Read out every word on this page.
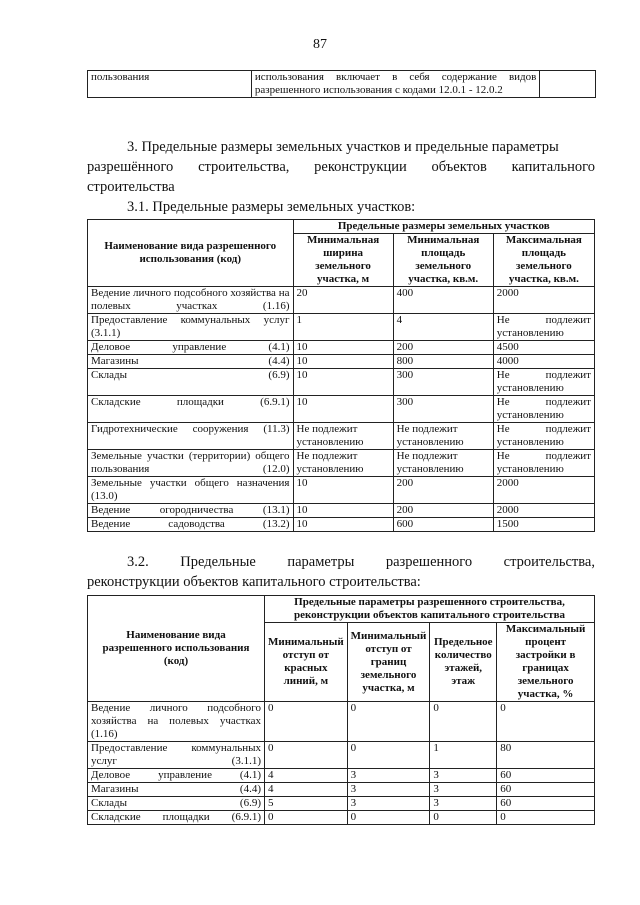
87
пользования	использования включает в себя содержание видов разрешенного использования с кодами 12.0.1 - 12.0.2	

3. Предельные размеры земельных участков и предельные параметры

разрешённого строительства, реконструкции объектов капитального

строительства

3.1. Предельные размеры земельных участков:

Наименование вида разрешенного использования (код)	Предельные размеры земельных участков		
	Минимальная ширина земельного участка, м	Минимальная площадь земельного участка, кв.м.	Максимальная площадь земельного участка, кв.м.
Ведение личного подсобного хозяйства на полевых участках (1.16)	20	400	2000
Предоставление коммунальных услуг (3.1.1)	1	4	Не подлежит установлению
Деловое управление (4.1)	10	200	4500
Магазины (4.4)	10	800	4000
Склады (6.9)	10	300	Не подлежит установлению
Складские площадки (6.9.1)	10	300	Не подлежит установлению
Гидротехнические сооружения (11.3)	Не подлежит установлению	Не подлежит установлению	Не подлежит установлению
Земельные участки (территории) общего пользования (12.0)	Не подлежит установлению	Не подлежит установлению	Не подлежит установлению
Земельные участки общего назначения (13.0)	10	200	2000
Ведение огородничества (13.1)	10	200	2000
Ведение садоводства (13.2)	10	600	1500
3.2. Предельные параметры разрешенного строительства,

реконструкции объектов капитального строительства:

Наименование вида разрешенного использования (код)	Предельные параметры разрешенного строительства, реконструкции объектов капитального строительства			
	Минимальный отступ от красных линий, м	Минимальный отступ от границ земельного участка, м	Предельное количество этажей, этаж	Максимальный процент застройки в границах земельного участка, %
Ведение личного подсобного хозяйства на полевых участках (1.16)	0	0	0	0
Предоставление коммунальных услуг (3.1.1)	0	0	1	80
Деловое управление (4.1)	4	3	3	60
Магазины (4.4)	4	3	3	60
Склады (6.9)	5	3	3	60
Складские площадки (6.9.1)	0	0	0	0
